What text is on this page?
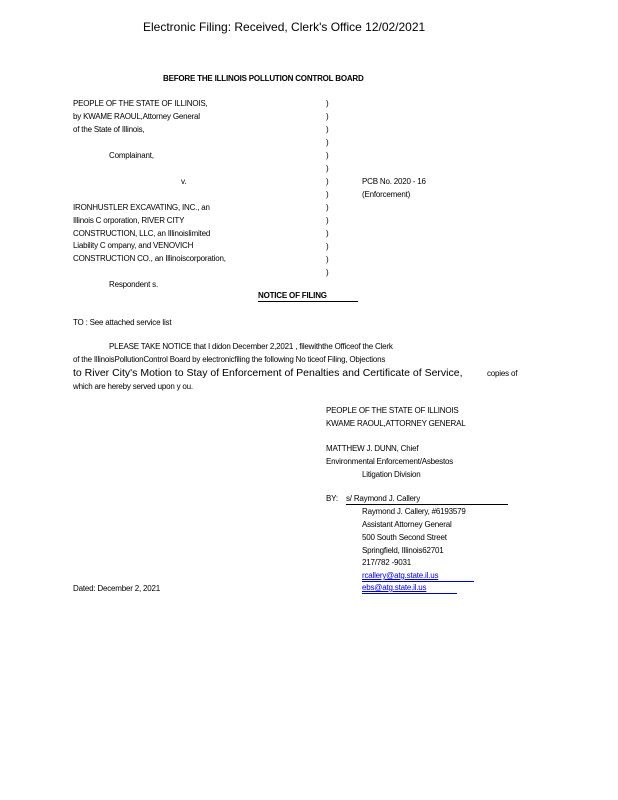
Electronic Filing: Received, Clerk's Office 12/02/2021
BEFORE THE ILLINOIS POLLUTION CONTROL BOARD
PEOPLE OF THE STATE OF ILLINOIS,
by KWAME RAOUL,Attorney General
of the State of Illinois,
Complainant,
v.	PCB No. 2020 - 16
(Enforcement)
)
)
)
)
)
)
)
)
)
)
)
)
)
)
IRONHUSTLER EXCAVATING, INC., an
Illinois C orporation, RIVER CITY
CONSTRUCTION, LLC, an Illinoislimited
Liability C ompany, and VENOVICH
CONSTRUCTION CO., an Illinoiscorporation,
Respondent s.
NOTICE OF FILING
TO : See attached service list
PLEASE TAKE NOTICE that I didon December 2,2021 , filewiththe Officeof the Clerk
of the IllinoisPollutionControl Board by electronicfiling the following No ticeof Filing, Objections
to River City's Motion to Stay of Enforcement of Penalties and Certificate of Service,	copies of
which are hereby served upon y ou.
PEOPLE OF THE STATE OF ILLINOIS
KWAME RAOUL,ATTORNEY GENERAL
MATTHEW J. DUNN, Chief
Environmental Enforcement/Asbestos
Litigation Division
BY: s/ Raymond J. Callery
Raymond J. Callery, #6193579
Assistant Attorney General
500 South Second Street
Springfield, Illinois62701
217/782 -9031
rcallery@atg.state.il.us
ebs@atg.state.il.us
Dated: December 2, 2021
